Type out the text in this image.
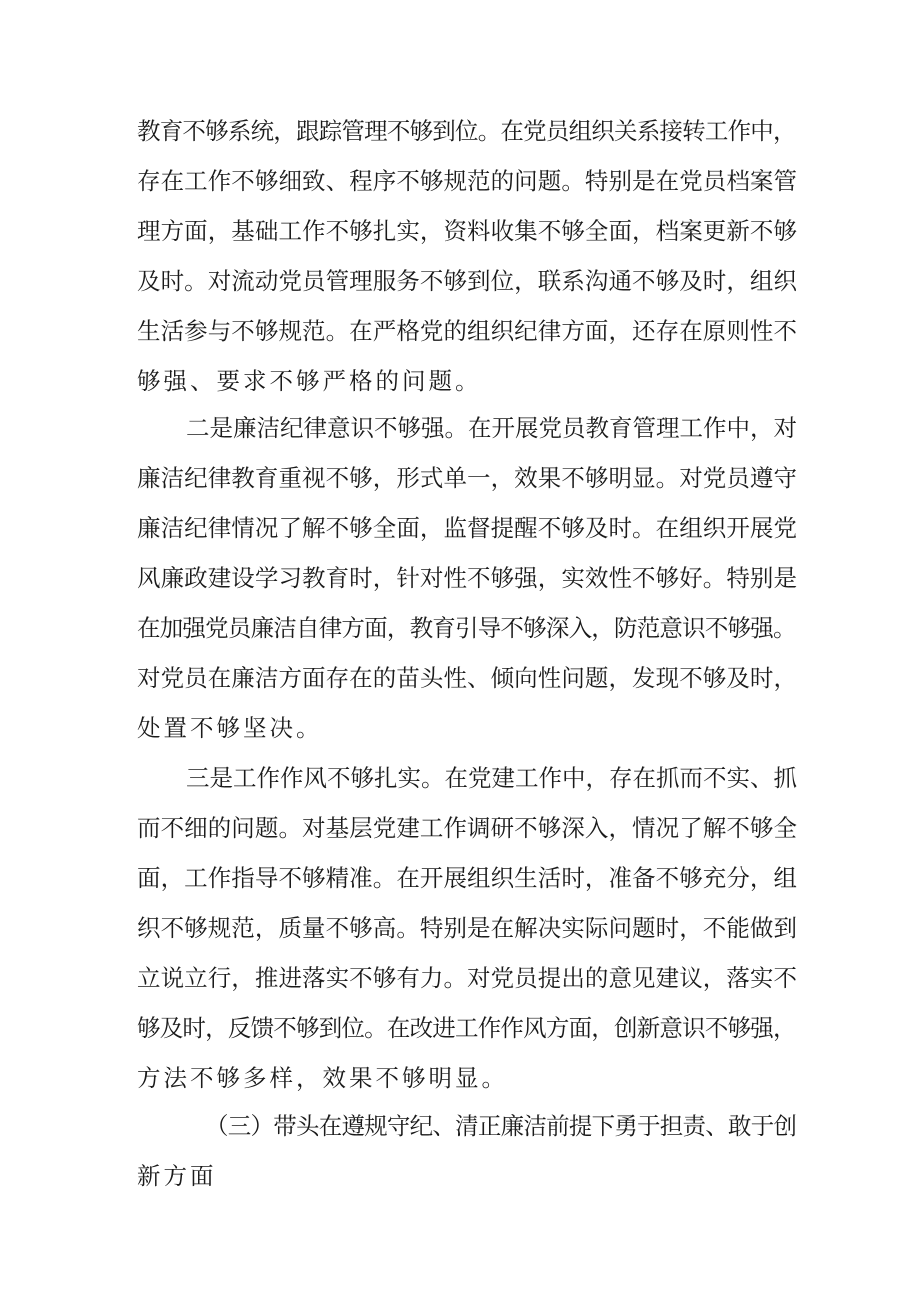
教育不够系统，跟踪管理不够到位。在党员组织关系接转工作中，
存在工作不够细致、程序不够规范的问题。特别是在党员档案管
理方面，基础工作不够扎实，资料收集不够全面，档案更新不够
及时。对流动党员管理服务不够到位，联系沟通不够及时，组织
生活参与不够规范。在严格党的组织纪律方面，还存在原则性不
够强、要求不够严格的问题。
二是廉洁纪律意识不够强。在开展党员教育管理工作中，对
廉洁纪律教育重视不够，形式单一，效果不够明显。对党员遵守
廉洁纪律情况了解不够全面，监督提醒不够及时。在组织开展党
风廉政建设学习教育时，针对性不够强，实效性不够好。特别是
在加强党员廉洁自律方面，教育引导不够深入，防范意识不够强。
对党员在廉洁方面存在的苗头性、倾向性问题，发现不够及时，
处置不够坚决。
三是工作作风不够扎实。在党建工作中，存在抓而不实、抓
而不细的问题。对基层党建工作调研不够深入，情况了解不够全
面，工作指导不够精准。在开展组织生活时，准备不够充分，组
织不够规范，质量不够高。特别是在解决实际问题时，不能做到
立说立行，推进落实不够有力。对党员提出的意见建议，落实不
够及时，反馈不够到位。在改进工作作风方面，创新意识不够强，
方法不够多样，效果不够明显。
（三）带头在遵规守纪、清正廉洁前提下勇于担责、敢于创
新方面
